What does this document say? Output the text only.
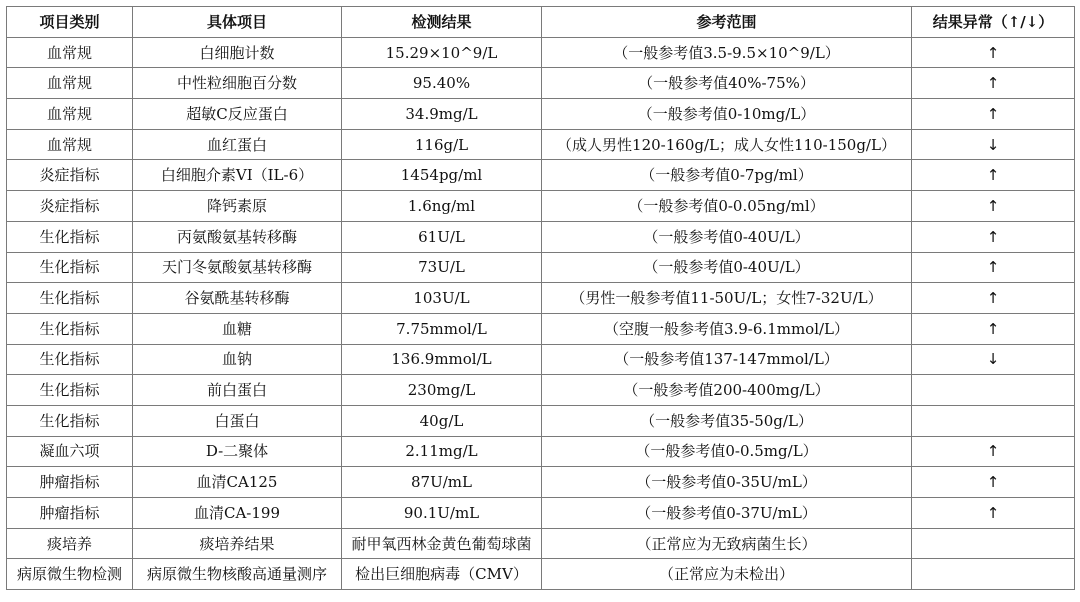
项目类别	具体项目	检测结果	参考范围	结果异常（↑/↓）
血常规	白细胞计数	15.29×10^9/L	（一般参考值3.5-9.5×10^9/L）	↑
血常规	中性粒细胞百分数	95.40%	（一般参考值40%-75%）	↑
血常规	超敏C反应蛋白	34.9mg/L	（一般参考值0-10mg/L）	↑
血常规	血红蛋白	116g/L	（成人男性120-160g/L；成人女性110-150g/L）	↓
炎症指标	白细胞介素VI（IL-6）	1454pg/ml	（一般参考值0-7pg/ml）	↑
炎症指标	降钙素原	1.6ng/ml	（一般参考值0-0.05ng/ml）	↑
生化指标	丙氨酸氨基转移酶	61U/L	（一般参考值0-40U/L）	↑
生化指标	天门冬氨酸氨基转移酶	73U/L	（一般参考值0-40U/L）	↑
生化指标	谷氨酰基转移酶	103U/L	（男性一般参考值11-50U/L；女性7-32U/L）	↑
生化指标	血糖	7.75mmol/L	（空腹一般参考值3.9-6.1mmol/L）	↑
生化指标	血钠	136.9mmol/L	（一般参考值137-147mmol/L）	↓
生化指标	前白蛋白	230mg/L	（一般参考值200-400mg/L）	
生化指标	白蛋白	40g/L	（一般参考值35-50g/L）	
凝血六项	D-二聚体	2.11mg/L	（一般参考值0-0.5mg/L）	↑
肿瘤指标	血清CA125	87U/mL	（一般参考值0-35U/mL）	↑
肿瘤指标	血清CA-199	90.1U/mL	（一般参考值0-37U/mL）	↑
痰培养	痰培养结果	耐甲氧西林金黄色葡萄球菌	（正常应为无致病菌生长）	
病原微生物检测	病原微生物核酸高通量测序	检出巨细胞病毒（CMV）	（正常应为未检出）	
